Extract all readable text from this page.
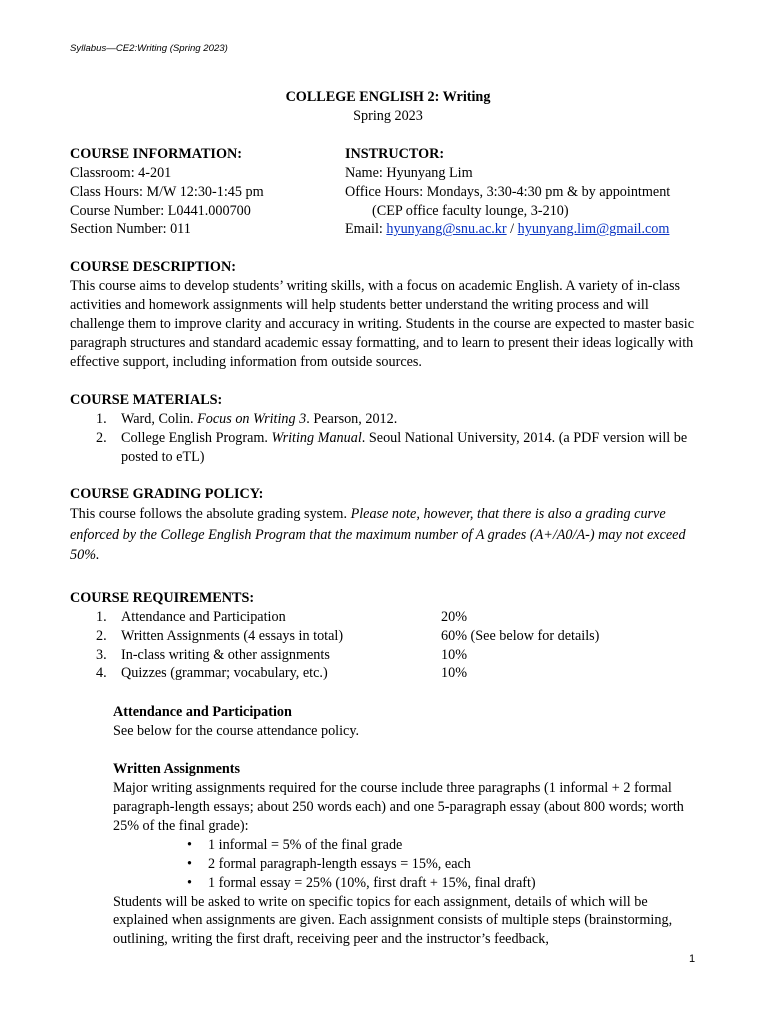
Syllabus—CE2:Writing (Spring 2023)
COLLEGE ENGLISH 2: Writing
Spring 2023
COURSE INFORMATION:
Classroom: 4-201
Class Hours: M/W 12:30-1:45 pm
Course Number: L0441.000700
Section Number: 011
INSTRUCTOR:
Name: Hyunyang Lim
Office Hours: Mondays, 3:30-4:30 pm & by appointment
(CEP office faculty lounge, 3-210)
Email: hyunyang@snu.ac.kr / hyunyang.lim@gmail.com
COURSE DESCRIPTION:

This course aims to develop students’ writing skills, with a focus on academic English. A variety of in-class activities and homework assignments will help students better understand the writing process and will challenge them to improve clarity and accuracy in writing. Students in the course are expected to master basic paragraph structures and standard academic essay formatting, and to learn to present their ideas logically with effective support, including information from outside sources.

COURSE MATERIALS:
1. Ward, Colin. Focus on Writing 3. Pearson, 2012.
2. College English Program. Writing Manual. Seoul National University, 2014. (a PDF version will be posted to eTL)
COURSE GRADING POLICY:

This course follows the absolute grading system. Please note, however, that there is also a grading curve enforced by the College English Program that the maximum number of A grades (A+/A0/A-) may not exceed 50%.

COURSE REQUIREMENTS:
1. Attendance and Participation	20%
2. Written Assignments (4 essays in total)	60% (See below for details)
3. In-class writing & other assignments	10%
4. Quizzes (grammar; vocabulary, etc.)	10%
Attendance and Participation
See below for the course attendance policy.
Written Assignments

Major writing assignments required for the course include three paragraphs (1 informal + 2 formal paragraph-length essays; about 250 words each) and one 5-paragraph essay (about 800 words; worth 25% of the final grade):

• 1 informal = 5% of the final grade
• 2 formal paragraph-length essays = 15%, each
• 1 formal essay = 25% (10%, first draft + 15%, final draft)

Students will be asked to write on specific topics for each assignment, details of which will be explained when assignments are given. Each assignment consists of multiple steps (brainstorming, outlining, writing the first draft, receiving peer and the instructor’s feedback,

1
